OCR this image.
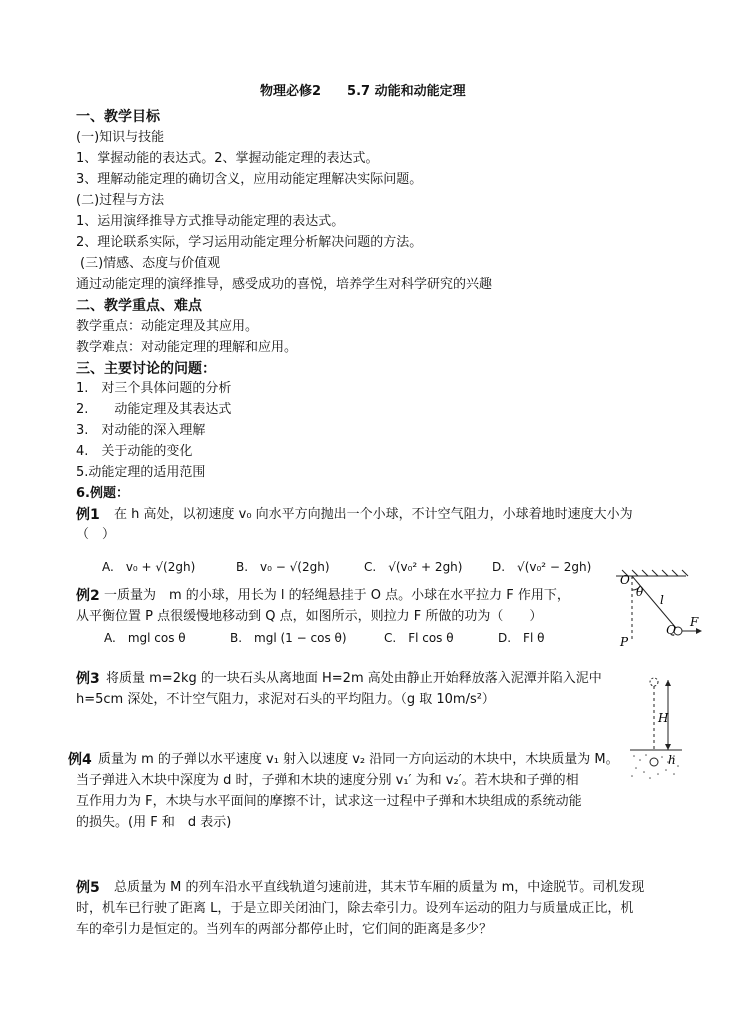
物理必修2　　5.7 动能和动能定理
一、教学目标
(一)知识与技能
1、掌握动能的表达式。2、掌握动能定理的表达式。
3、理解动能定理的确切含义，应用动能定理解决实际问题。
(二)过程与方法
1、运用演绎推导方式推导动能定理的表达式。
2、理论联系实际，学习运用动能定理分析解决问题的方法。
(三)情感、态度与价值观
通过动能定理的演绎推导，感受成功的喜悦，培养学生对科学研究的兴趣
二、教学重点、难点
教学重点：动能定理及其应用。
教学难点：对动能定理的理解和应用。
三、主要讨论的问题：
1.　对三个具体问题的分析
2.　　动能定理及其表达式
3.　对动能的深入理解
4.　关于动能的变化
5.动能定理的适用范围
6.例题：
例1 在 h 高处，以初速度 v₀ 向水平方向抛出一个小球，不计空气阻力，小球着地时速度大小为
（　）
A.　v₀ + √(2gh)	B.　v₀ − √(2gh)	C.　√(v₀² + 2gh) D.　√(v₀² − 2gh)
例2 一质量为　m 的小球，用长为 l 的轻绳悬挂于 O 点。小球在水平拉力 F 作用下，
从平衡位置 P 点很缓慢地移动到 Q 点，如图所示，则拉力 F 所做的功为（　　）
A.　mgl cos θ	B.　mgl (1 − cos θ)	C.　Fl cos θ	D.　Fl θ
O
θ
l
P
Q
F
例3 将质量 m=2kg 的一块石头从离地面 H=2m 高处由静止开始释放落入泥潭并陷入泥中
h=5cm 深处，不计空气阻力，求泥对石头的平均阻力。（g 取 10m/s²）
H
h
例4 质量为 m 的子弹以水平速度 v₁ 射入以速度 v₂ 沿同一方向运动的木块中，木块质量为 M。
当子弹进入木块中深度为 d 时，子弹和木块的速度分别 v₁′ 为和 v₂′。若木块和子弹的相
互作用力为 F，木块与水平面间的摩擦不计，试求这一过程中子弹和木块组成的系统动能
的损失。(用 F 和　d 表示)
例5 总质量为 M 的列车沿水平直线轨道匀速前进，其末节车厢的质量为 m，中途脱节。司机发现
时，机车已行驶了距离 L，于是立即关闭油门，除去牵引力。设列车运动的阻力与质量成正比，机
车的牵引力是恒定的。当列车的两部分都停止时，它们间的距离是多少？
